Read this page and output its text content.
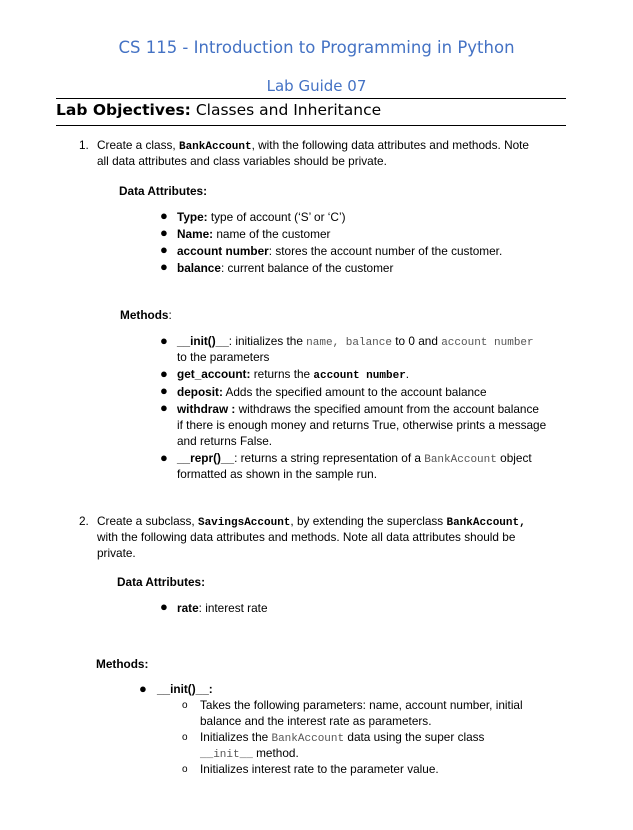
CS 115 - Introduction to Programming in Python
Lab Guide 07
Lab Objectives: Classes and Inheritance
1. Create a class, BankAccount, with the following data attributes and methods. Note
all data attributes and class variables should be private.
Data Attributes:
● Type: type of account (‘S’ or ‘C’)
● Name: name of the customer
● account number: stores the account number of the customer.
● balance: current balance of the customer
Methods:
● __init()__: initializes the name, balance to 0 and account number
to the parameters
● get_account: returns the account number.
● deposit: Adds the specified amount to the account balance
● withdraw : withdraws the specified amount from the account balance
if there is enough money and returns True, otherwise prints a message
and returns False.
● __repr()__: returns a string representation of a BankAccount object
formatted as shown in the sample run.
2. Create a subclass, SavingsAccount, by extending the superclass BankAccount,
with the following data attributes and methods. Note all data attributes should be
private.
Data Attributes:
● rate: interest rate
Methods:
● __init()__:
o Takes the following parameters: name, account number, initial
balance and the interest rate as parameters.
o Initializes the BankAccount data using the super class
__init__ method.
o Initializes interest rate to the parameter value.
